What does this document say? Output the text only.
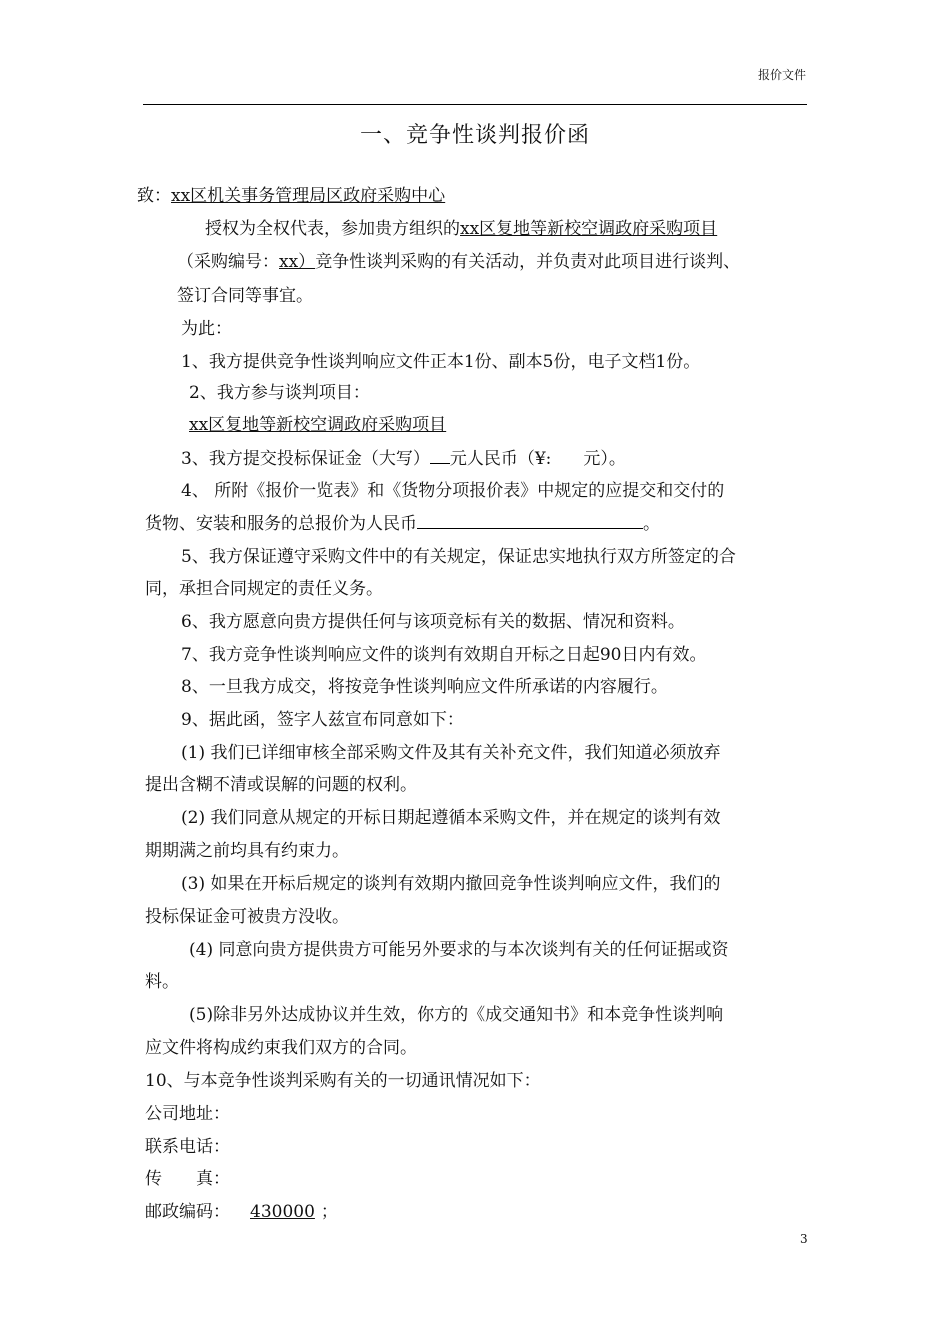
报价文件
一、竞争性谈判报价函
致：xx区机关事务管理局区政府采购中心
授权为全权代表，参加贵方组织的xx区复地等新校空调政府采购项目
（采购编号：xx）竞争性谈判采购的有关活动，并负责对此项目进行谈判、
签订合同等事宜。
为此：
1、我方提供竞争性谈判响应文件正本1份、副本5份，电子文档1份。
2、我方参与谈判项目：
xx区复地等新校空调政府采购项目
3、我方提交投标保证金（大写） 元人民币（¥: 元）。
4、 所附《报价一览表》和《货物分项报价表》中规定的应提交和交付的
货物、安装和服务的总报价为人民币	。
5、我方保证遵守采购文件中的有关规定，保证忠实地执行双方所签定的合
同，承担合同规定的责任义务。
6、我方愿意向贵方提供任何与该项竞标有关的数据、情况和资料。
7、我方竞争性谈判响应文件的谈判有效期自开标之日起90日内有效。
8、一旦我方成交，将按竞争性谈判响应文件所承诺的内容履行。
9、据此函，签字人兹宣布同意如下：
(1) 我们已详细审核全部采购文件及其有关补充文件，我们知道必须放弃
提出含糊不清或误解的问题的权利。
(2) 我们同意从规定的开标日期起遵循本采购文件，并在规定的谈判有效
期期满之前均具有约束力。
(3) 如果在开标后规定的谈判有效期内撤回竞争性谈判响应文件，我们的
投标保证金可被贵方没收。
(4) 同意向贵方提供贵方可能另外要求的与本次谈判有关的任何证据或资
料。
(5)除非另外达成协议并生效，你方的《成交通知书》和本竞争性谈判响
应文件将构成约束我们双方的合同。
10、与本竞争性谈判采购有关的一切通讯情况如下：
公司地址：
联系电话：
传　　真：
邮政编码： 430000 ；
3
